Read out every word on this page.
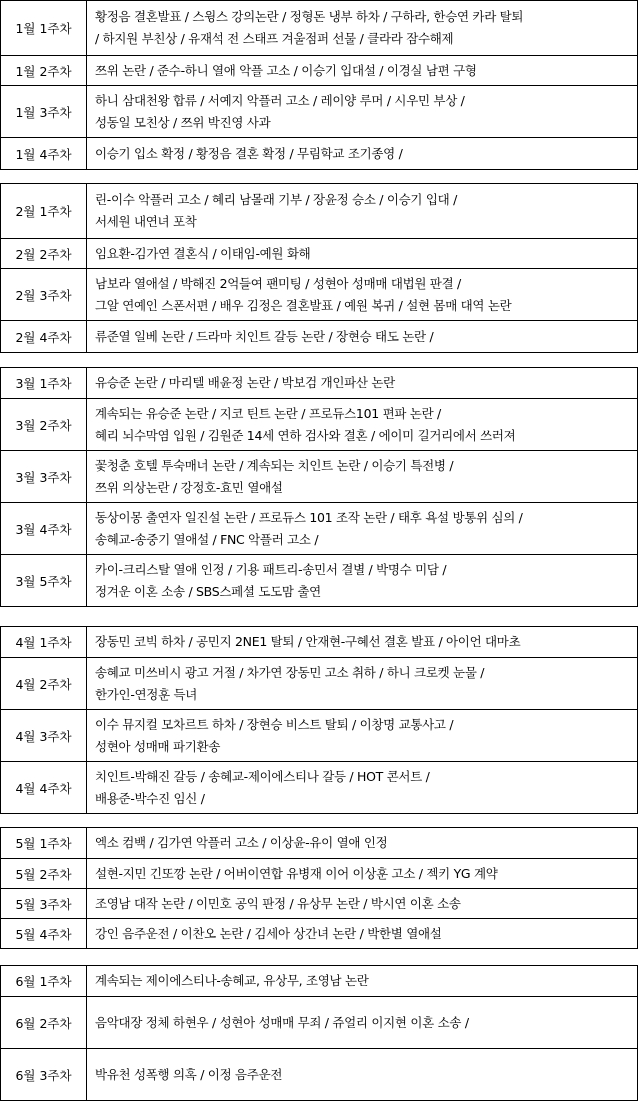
1월 1주차
황정음 결혼발표 / 스윙스 강의논란 / 정형돈 냉부 하차 / 구하라, 한승연 카라 탈퇴
/ 하지원 부친상 / 유재석 전 스태프 겨울점퍼 선물 / 클라라 잠수해제
1월 2주차	쯔위 논란 / 준수-하니 열애 악플 고소 / 이승기 입대설 / 이경실 남편 구형
1월 3주차
하니 삼대천왕 합류 / 서예지 악플러 고소 / 레이양 루머 / 시우민 부상 /
성동일 모친상 / 쯔위 박진영 사과
1월 4주차	이승기 입소 확정 / 황정음 결혼 확정 / 무림학교 조기종영 /
2월 1주차
린-이수 악플러 고소 / 혜리 남몰래 기부 / 장윤정 승소 / 이승기 입대 /
서세원 내연녀 포착
2월 2주차	임요환-김가연 결혼식 / 이태임-예원 화해
2월 3주차
남보라 열애설 / 박해진 2억들여 팬미팅 / 성현아 성매매 대법원 판결 /
그알 연예인 스폰서편 / 배우 김정은 결혼발표 / 예원 복귀 / 설현 몸매 대역 논란
2월 4주차	류준열 일베 논란 / 드라마 치인트 갈등 논란 / 장현승 태도 논란 /
3월 1주차	유승준 논란 / 마리텔 배윤정 논란 / 박보검 개인파산 논란
3월 2주차
계속되는 유승준 논란 / 지코 틴트 논란 / 프로듀스101 편파 논란 /
혜리 뇌수막염 입원 / 김원준 14세 연하 검사와 결혼 / 에이미 길거리에서 쓰러져
3월 3주차
꽃청춘 호텔 투숙매너 논란 / 계속되는 치인트 논란 / 이승기 특전병 /
쯔위 의상논란 / 강정호-효민 열애설
3월 4주차
동상이몽 출연자 일진설 논란 / 프로듀스 101 조작 논란 / 태후 욕설 방통위 심의 /
송혜교-송중기 열애설 / FNC 악플러 고소 /
3월 5주차
카이-크리스탈 열애 인정 / 기용 패트리-송민서 결별 / 박명수 미담 /
정겨운 이혼 소송 / SBS스페셜 도도맘 출연
4월 1주차	장동민 코빅 하차 / 공민지 2NE1 탈퇴 / 안재현-구혜선 결혼 발표 / 아이언 대마초
4월 2주차
송혜교 미쓰비시 광고 거절 / 차가연 장동민 고소 취하 / 하니 크로켓 눈물 /
한가인-연정훈 득녀
4월 3주차
이수 뮤지컬 모차르트 하차 / 장현승 비스트 탈퇴 / 이창명 교통사고 /
성현아 성매매 파기환송
4월 4주차
치인트-박해진 갈등 / 송혜교-제이에스티나 갈등 / HOT 콘서트 /
배용준-박수진 임신 /
5월 1주차	엑소 컴백 / 김가연 악플러 고소 / 이상윤-유이 열애 인정
5월 2주차	설현-지민 긴또깡 논란 / 어버이연합 유병재 이어 이상훈 고소 / 젝키 YG 계약
5월 3주차	조영남 대작 논란 / 이민호 공익 판정 / 유상무 논란 / 박시연 이혼 소송
5월 4주차	강인 음주운전 / 이찬오 논란 / 김세아 상간녀 논란 / 박한별 열애설
6월 1주차	계속되는 제이에스티나-송혜교, 유상무, 조영남 논란
6월 2주차	음악대장 정체 하현우 / 성현아 성매매 무죄 / 쥬얼리 이지현 이혼 소송 /
6월 3주차	박유천 성폭행 의혹 / 이정 음주운전
